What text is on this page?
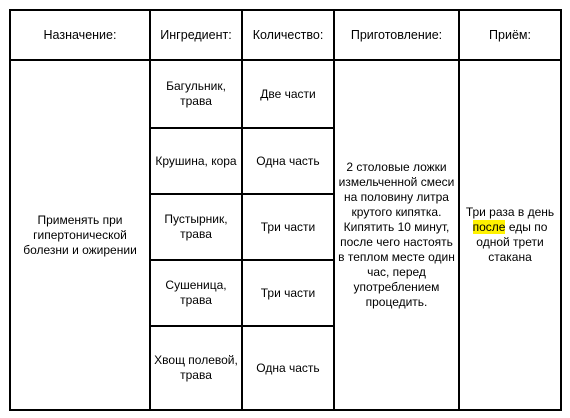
Назначение:	Ингредиент:	Количество:	Приготовление:	Приём:
Применять при гипертонической болезни и ожирении	Багульник, трава	Две части	2 столовые ложки измельченной смеси на половину литра крутого кипятка. Кипятить 10 минут, после чего настоять в теплом месте один час, перед употреблением процедить.	Три раза в день после еды по одной трети стакана
	Крушина, кора	Одна часть		
	Пустырник, трава	Три части		
	Сушеница, трава	Три части		
	Хвощ полевой, трава	Одна часть		
